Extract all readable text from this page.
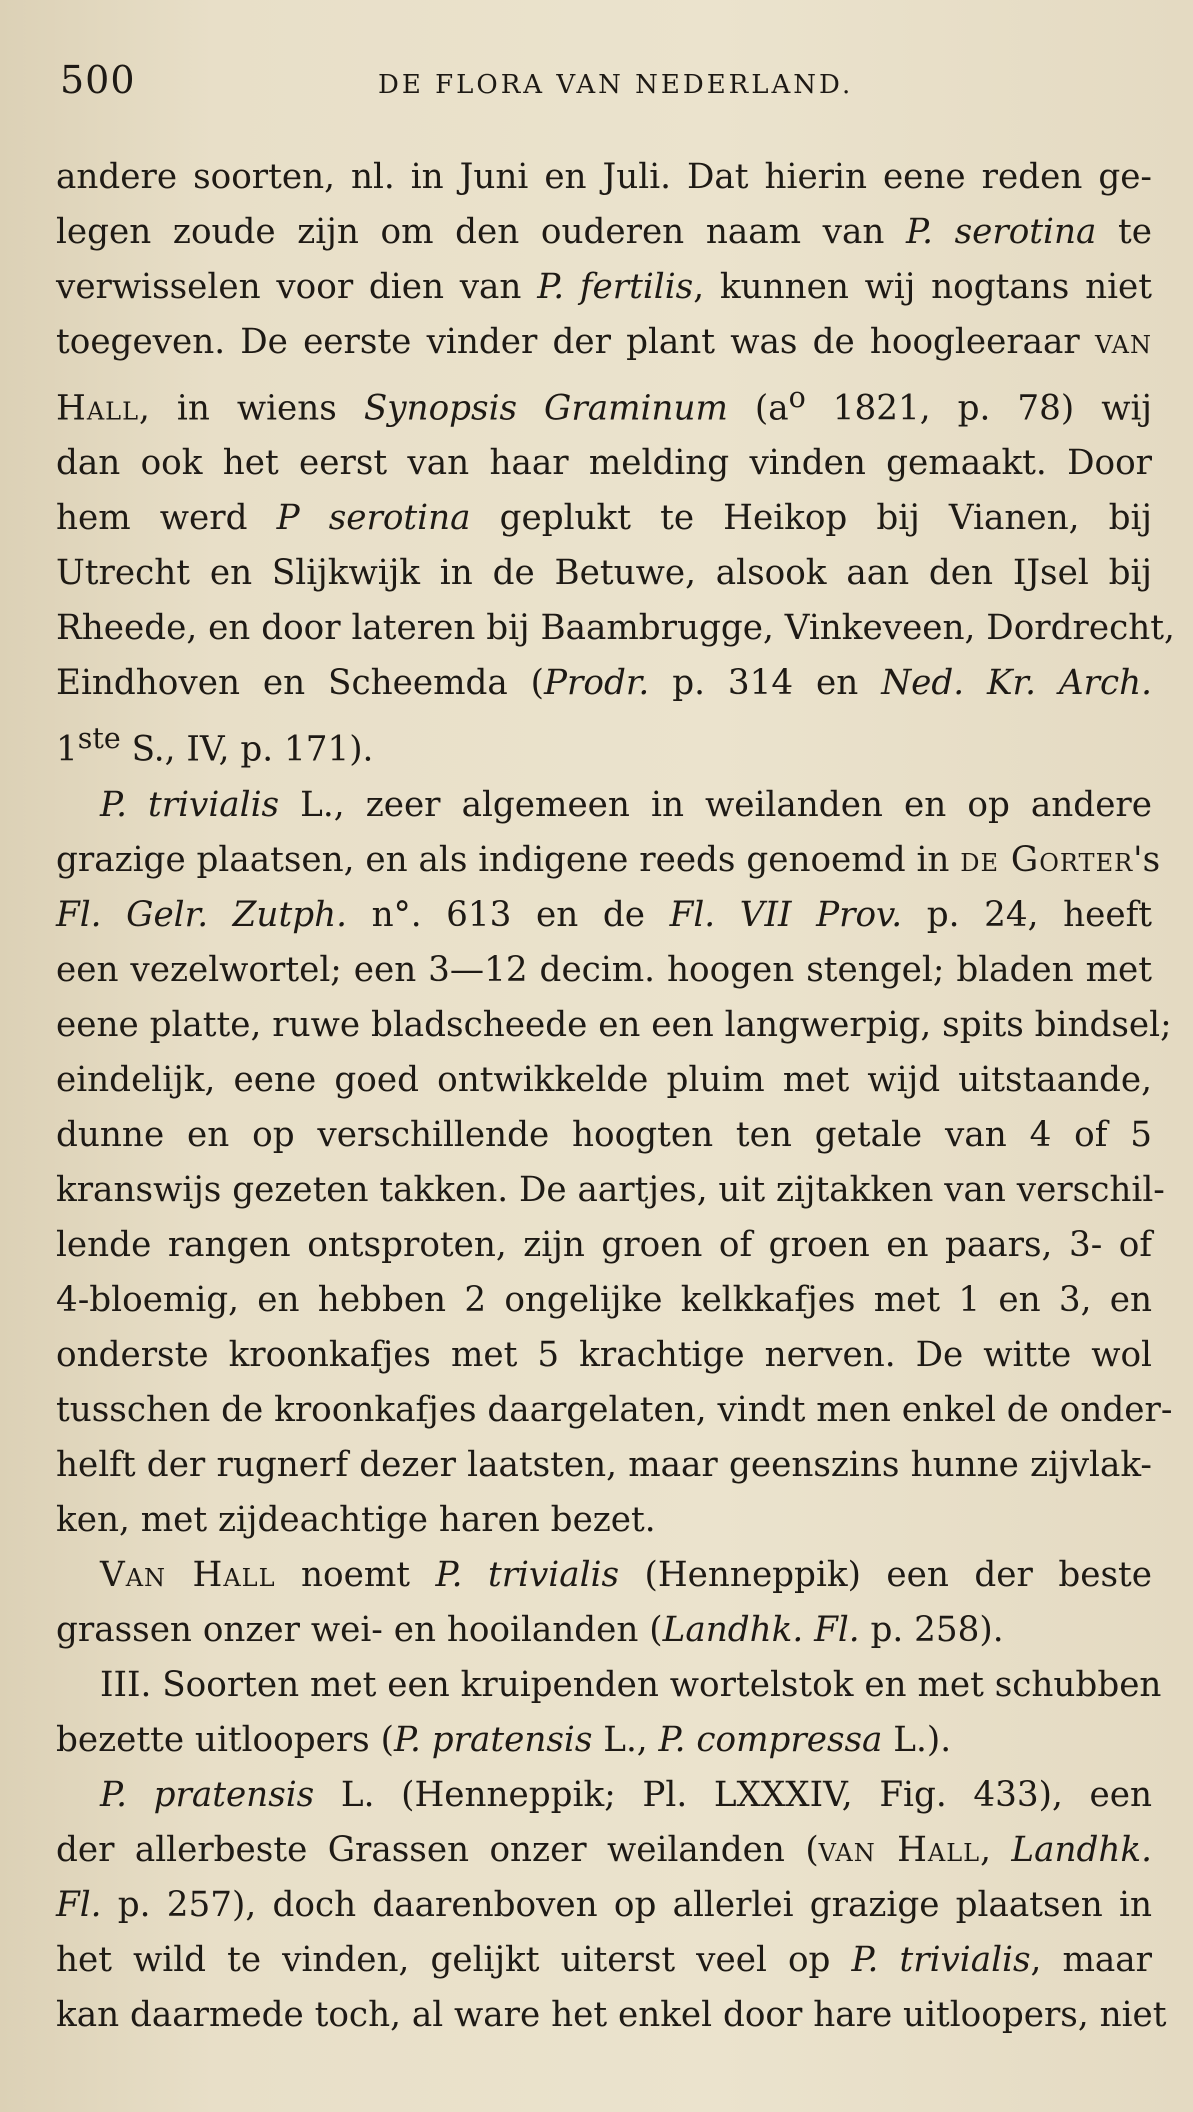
500	DE FLORA VAN NEDERLAND.
andere soorten, nl. in Juni en Juli. Dat hierin eene reden ge-
legen zoude zijn om den ouderen naam van P. serotina te
verwisselen voor dien van P. fertilis, kunnen wij nogtans niet
toegeven. De eerste vinder der plant was de hoogleeraar van
Hall, in wiens Synopsis Graminum ($a^o$ 1821, p. 78) wij
dan ook het eerst van haar melding vinden gemaakt. Door
hem werd P serotina geplukt te Heikop bij Vianen, bij
Utrecht en Slijkwijk in de Betuwe, alsook aan den IJsel bij
Rheede, en door lateren bij Baambrugge, Vinkeveen, Dordrecht,
Eindhoven en Scheemda (Prodr. p. 314 en Ned. Kr. Arch.
1ste S., IV, p. 171).
P. trivialis L., zeer algemeen in weilanden en op andere
grazige plaatsen, en als indigene reeds genoemd in de Gorter's
Fl. Gelr. Zutph. n°. 613 en de Fl. VII Prov. p. 24, heeft
een vezelwortel; een 3—12 decim. hoogen stengel; bladen met
eene platte, ruwe bladscheede en een langwerpig, spits bindsel;
eindelijk, eene goed ontwikkelde pluim met wijd uitstaande,
dunne en op verschillende hoogten ten getale van 4 of 5
kranswijs gezeten takken. De aartjes, uit zijtakken van verschil-
lende rangen ontsproten, zijn groen of groen en paars, 3- of
4-bloemig, en hebben 2 ongelijke kelkkafjes met 1 en 3, en
onderste kroonkafjes met 5 krachtige nerven. De witte wol
tusschen de kroonkafjes daargelaten, vindt men enkel de onder-
helft der rugnerf dezer laatsten, maar geenszins hunne zijvlak-
ken, met zijdeachtige haren bezet.
Van Hall noemt P. trivialis (Henneppik) een der beste
grassen onzer wei- en hooilanden (Landhk. Fl. p. 258).
III. Soorten met een kruipenden wortelstok en met schubben
bezette uitloopers (P. pratensis L., P. compressa L.).
P. pratensis L. (Henneppik; Pl. LXXXIV, Fig. 433), een
der allerbeste Grassen onzer weilanden (van Hall, Landhk.
Fl. p. 257), doch daarenboven op allerlei grazige plaatsen in
het wild te vinden, gelijkt uiterst veel op P. trivialis, maar
kan daarmede toch, al ware het enkel door hare uitloopers, niet
